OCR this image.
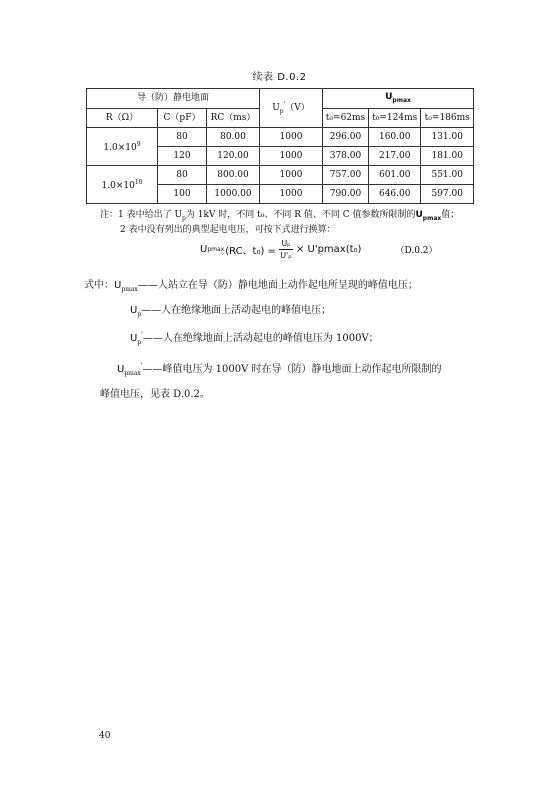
续表 D.0.2
导（防）静电地面			$U_p'(V)$	$U_{pmax}$
R（Ω）	C（pF）	RC（ms）		t₀=62ms	t₀=124ms	t₀=186ms
$1.0\times 10^9$	80	80.00	1000	296.00	160.00	131.00
	120	120.00	1000	378.00	217.00	181.00
$1.0\times 10^{10}$	80	800.00	1000	757.00	601.00	551.00
	100	1000.00	1000	790.00	646.00	597.00
注：1 表中给出了 $U_p$为 1kV 时，不同 t₀、不同 R 值、不同 C 值参数所限制的$U_{pmax}$值；
2 表中没有列出的典型起电电压，可按下式进行换算：
U pmax (RC、$t_0) = \frac{\text{Uₚ}}{\text{U'ₚ}} \times U'pmax(t_0)$	（D.0.2）
式中：$U_{pmax}——$人站立在导（防）静电地面上动作起电所呈现的峰值电压；
$U_p——$人在绝缘地面上活动起电的峰值电压；
$U_p'——$人在绝缘地面上活动起电的峰值电压为 1000V；
$U_{pmax}'——$峰值电压为 1000V 时在导（防）静电地面上动作起电所限制的
峰值电压，见表 D.0.2。
40
